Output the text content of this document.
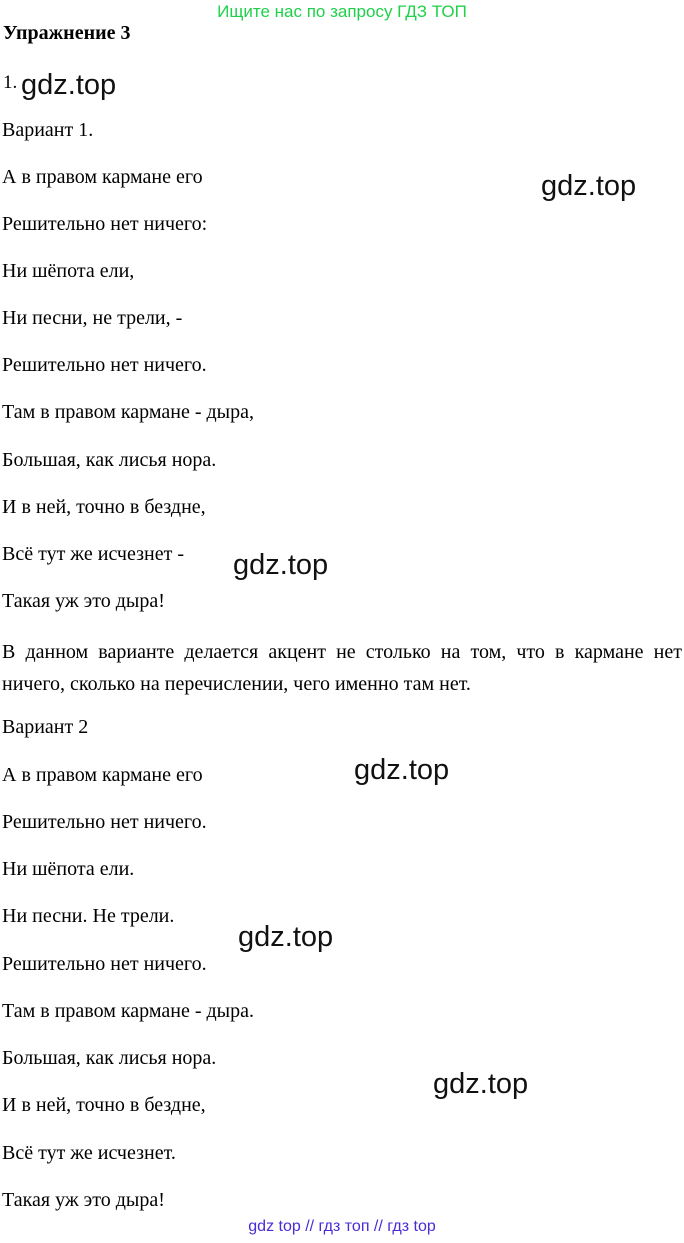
Ищите нас по запросу ГДЗ ТОП
Упражнение 3
1.
Вариант 1.
А в правом кармане его
Решительно нет ничего:
Ни шёпота ели,
Ни песни, не трели, -
Решительно нет ничего.
Там в правом кармане - дыра,
Большая, как лисья нора.
И в ней, точно в бездне,
Всё тут же исчезнет -
Такая уж это дыра!
В данном варианте делается акцент не столько на том, что в кармане нет ничего, сколько на перечислении, чего именно там нет.
Вариант 2
А в правом кармане его
Решительно нет ничего.
Ни шёпота ели.
Ни песни. Не трели.
Решительно нет ничего.
Там в правом кармане - дыра.
Большая, как лисья нора.
И в ней, точно в бездне,
Всё тут же исчезнет.
Такая уж это дыра!
gdz.top
gdz.top
gdz.top
gdz.top
gdz.top
gdz.top
gdz top // гдз топ // гдз top
